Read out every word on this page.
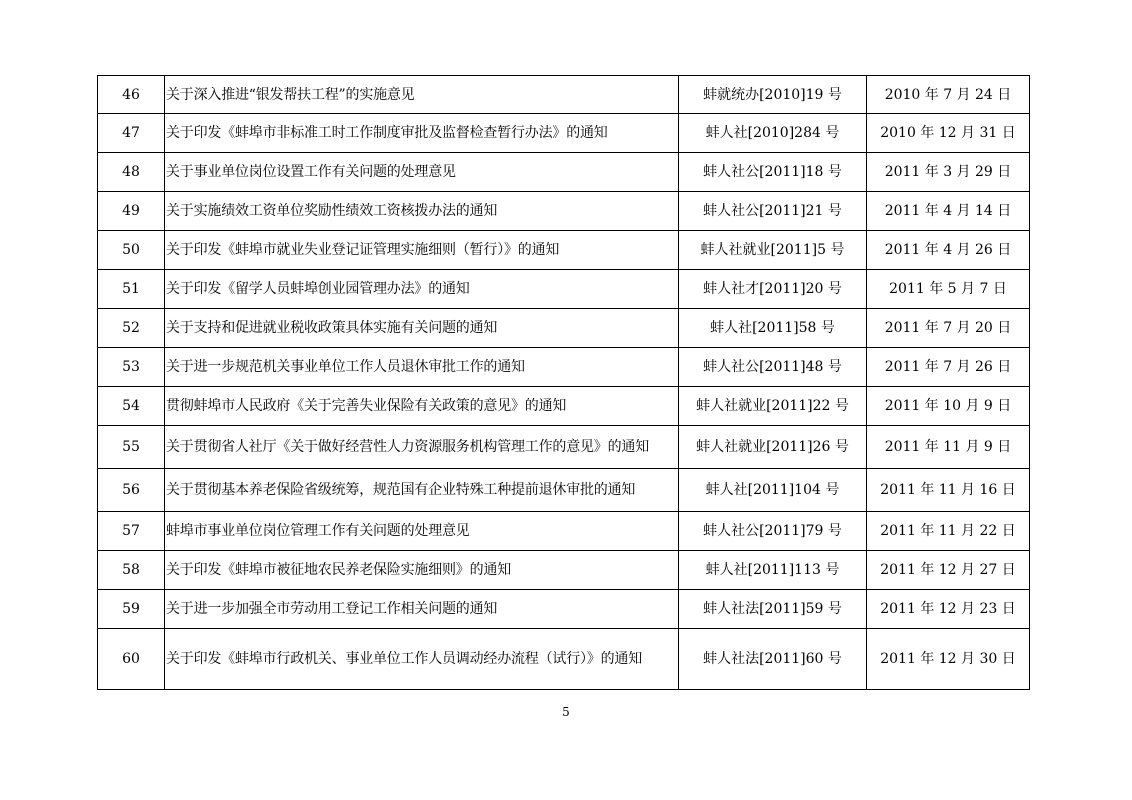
46	关于深入推进“银发帮扶工程”的实施意见	蚌就统办[2010]19 号	2010 年 7 月 24 日
47	关于印发《蚌埠市非标准工时工作制度审批及监督检查暂行办法》的通知	蚌人社[2010]284 号	2010 年 12 月 31 日
48	关于事业单位岗位设置工作有关问题的处理意见	蚌人社公[2011]18 号	2011 年 3 月 29 日
49	关于实施绩效工资单位奖励性绩效工资核拨办法的通知	蚌人社公[2011]21 号	2011 年 4 月 14 日
50	关于印发《蚌埠市就业失业登记证管理实施细则（暂行）》的通知	蚌人社就业[2011]5 号	2011 年 4 月 26 日
51	关于印发《留学人员蚌埠创业园管理办法》的通知	蚌人社才[2011]20 号	2011 年 5 月 7 日
52	关于支持和促进就业税收政策具体实施有关问题的通知	蚌人社[2011]58 号	2011 年 7 月 20 日
53	关于进一步规范机关事业单位工作人员退休审批工作的通知	蚌人社公[2011]48 号	2011 年 7 月 26 日
54	贯彻蚌埠市人民政府《关于完善失业保险有关政策的意见》的通知	蚌人社就业[2011]22 号	2011 年 10 月 9 日
55	关于贯彻省人社厅《关于做好经营性人力资源服务机构管理工作的意见》的通知	蚌人社就业[2011]26 号	2011 年 11 月 9 日
56	关于贯彻基本养老保险省级统筹，规范国有企业特殊工种提前退休审批的通知	蚌人社[2011]104 号	2011 年 11 月 16 日
57	蚌埠市事业单位岗位管理工作有关问题的处理意见	蚌人社公[2011]79 号	2011 年 11 月 22 日
58	关于印发《蚌埠市被征地农民养老保险实施细则》的通知	蚌人社[2011]113 号	2011 年 12 月 27 日
59	关于进一步加强全市劳动用工登记工作相关问题的通知	蚌人社法[2011]59 号	2011 年 12 月 23 日
60	关于印发《蚌埠市行政机关、事业单位工作人员调动经办流程（试行）》的通知	蚌人社法[2011]60 号	2011 年 12 月 30 日
5
